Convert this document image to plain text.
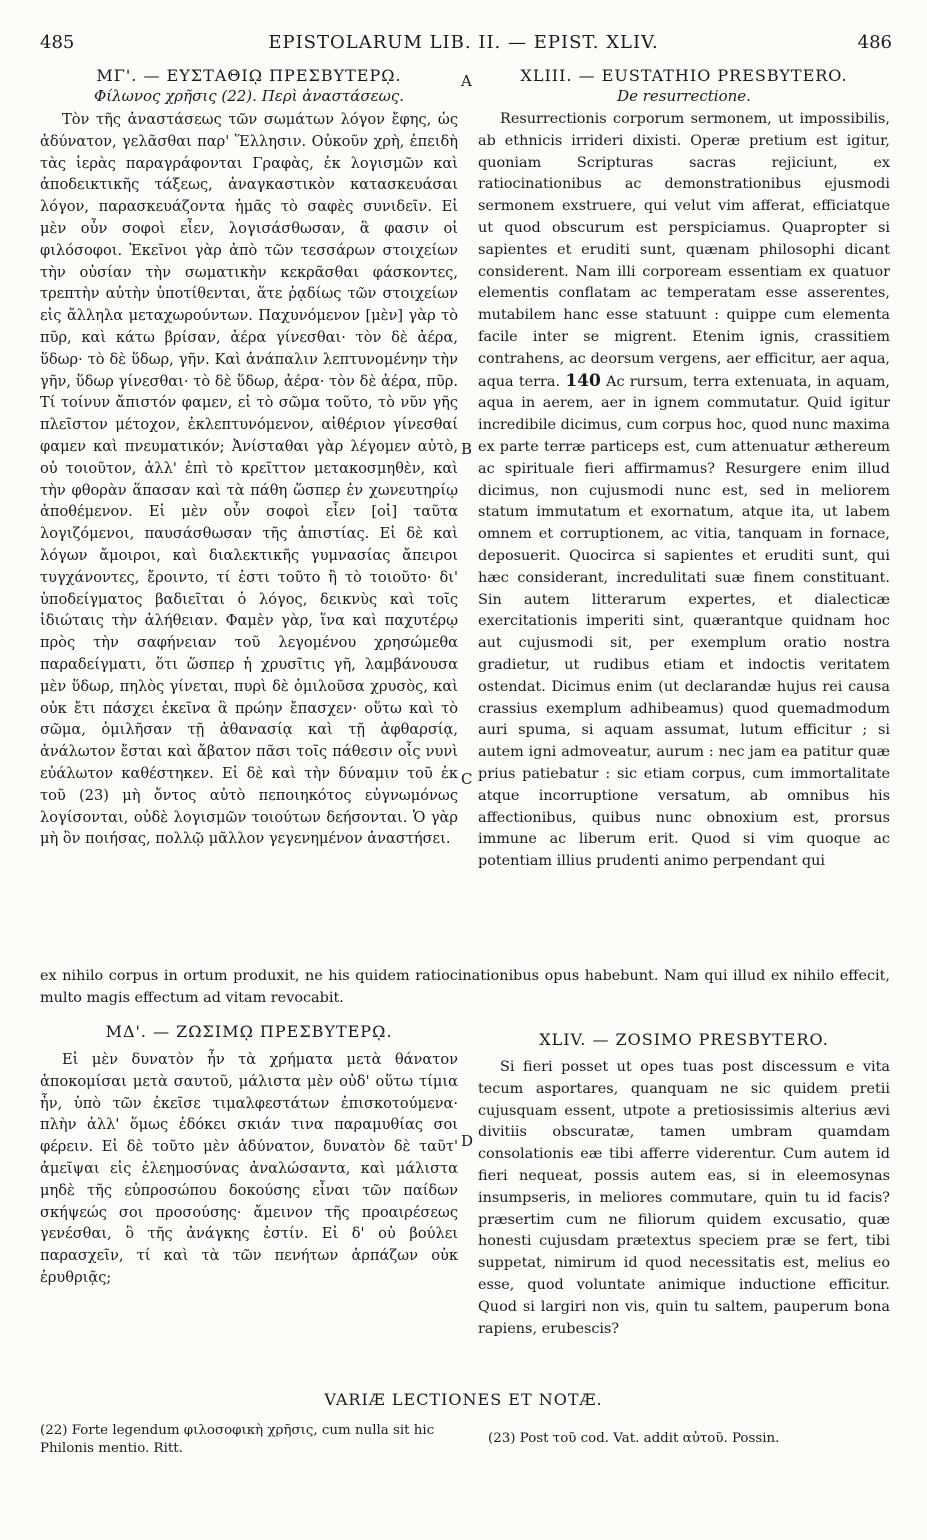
485	EPISTOLARUM LIB. II. — EPIST. XLIV.	486

ΜΓ'. — ΕΥΣΤΑΘΙῼ ΠΡΕΣΒΥΤΕΡῼ.

Φίλωνος χρῆσις (22). Περὶ ἀναστάσεως.

Τὸν τῆς ἀναστάσεως τῶν σωμάτων λόγον ἔφης, ὡς ἀδύνατον, γελᾶσθαι παρ' Ἕλλησιν. Οὐκοῦν χρὴ, ἐπειδὴ τὰς ἱερὰς παραγράφονται Γραφὰς, ἐκ λογισμῶν καὶ ἀποδεικτικῆς τάξεως, ἀναγκαστικὸν κατασκευάσαι λόγον, παρασκευάζοντα ἡμᾶς τὸ σαφὲς συνιδεῖν. Εἰ μὲν οὖν σοφοὶ εἶεν, λογισάσθωσαν, ἃ φασιν οἱ φιλόσοφοι. Ἐκεῖνοι γὰρ ἀπὸ τῶν τεσσάρων στοιχείων τὴν οὐσίαν τὴν σωματικὴν κεκρᾶσθαι φάσκοντες, τρεπτὴν αὐτὴν ὑποτίθενται, ἅτε ῥᾳδίως τῶν στοιχείων εἰς ἄλληλα μεταχωρούντων. Παχυνόμενον [μὲν] γὰρ τὸ πῦρ, καὶ κάτω βρίσαν, ἀέρα γίνεσθαι· τὸν δὲ ἀέρα, ὕδωρ· τὸ δὲ ὕδωρ, γῆν. Καὶ ἀνάπαλιν λεπτυνομένην τὴν γῆν, ὕδωρ γίνεσθαι· τὸ δὲ ὕδωρ, ἀέρα· τὸν δὲ ἀέρα, πῦρ. Τί τοίνυν ἄπιστόν φαμεν, εἰ τὸ σῶμα τοῦτο, τὸ νῦν γῆς πλεῖστον μέτοχον, ἐκλεπτυνόμενον, αἰθέριον γίνεσθαί φαμεν καὶ πνευματικόν; Ἀνίσταθαι γὰρ λέγομεν αὐτὸ, οὐ τοιοῦτον, ἀλλ' ἐπὶ τὸ κρεῖττον μετακοσμηθὲν, καὶ τὴν φθορὰν ἅπασαν καὶ τὰ πάθη ὥσπερ ἐν χωνευτηρίῳ ἀποθέμενον. Εἰ μὲν οὖν σοφοὶ εἶεν [οἱ] ταῦτα λογιζόμενοι, παυσάσθωσαν τῆς ἀπιστίας. Εἰ δὲ καὶ λόγων ἄμοιροι, καὶ διαλεκτικῆς γυμνασίας ἄπειροι τυγχάνοντες, ἔροιντο, τί ἐστι τοῦτο ἢ τὸ τοιοῦτο· δι' ὑποδείγματος βαδιεῖται ὁ λόγος, δεικνὺς καὶ τοῖς ἰδιώταις τὴν ἀλήθειαν. Φαμὲν γὰρ, ἵνα καὶ παχυτέρῳ πρὸς τὴν σαφήνειαν τοῦ λεγομένου χρησώμεθα παραδείγματι, ὅτι ὥσπερ ἡ χρυσῖτις γῆ, λαμβάνουσα μὲν ὕδωρ, πηλὸς γίνεται, πυρὶ δὲ ὁμιλοῦσα χρυσὸς, καὶ οὐκ ἔτι πάσχει ἐκεῖνα ἃ πρώην ἔπασχεν· οὕτω καὶ τὸ σῶμα, ὁμιλῆσαν τῇ ἀθανασίᾳ καὶ τῇ ἀφθαρσίᾳ, ἀνάλωτον ἔσται καὶ ἄβατον πᾶσι τοῖς πάθεσιν οἷς νυνὶ εὐάλωτον καθέστηκεν. Εἰ δὲ καὶ τὴν δύναμιν τοῦ ἐκ τοῦ (23) μὴ ὄντος αὐτὸ πεποιηκότος εὐγνωμόνως λογίσονται, οὐδὲ λογισμῶν τοιούτων δεήσονται. Ὁ γὰρ μὴ ὂν ποιήσας, πολλῷ μᾶλλον γεγενημένον ἀναστήσει.

XLIII. — EUSTATHIO PRESBYTERO.

De resurrectione.

Resurrectionis corporum sermonem, ut impossibilis, ab ethnicis irrideri dixisti. Operæ pretium est igitur, quoniam Scripturas sacras rejiciunt, ex ratiocinationibus ac demonstrationibus ejusmodi sermonem exstruere, qui velut vim afferat, efficiatque ut quod obscurum est perspiciamus. Quapropter si sapientes et eruditi sunt, quænam philosophi dicant considerent. Nam illi corpoream essentiam ex quatuor elementis conflatam ac temperatam esse asserentes, mutabilem hanc esse statuunt : quippe cum elementa facile inter se migrent. Etenim ignis, crassitiem contrahens, ac deorsum vergens, aer efficitur, aer aqua, aqua terra. 140 Ac rursum, terra extenuata, in aquam, aqua in aerem, aer in ignem commutatur. Quid igitur incredibile dicimus, cum corpus hoc, quod nunc maxima ex parte terræ particeps est, cum attenuatur æthereum ac spirituale fieri affirmamus? Resurgere enim illud dicimus, non cujusmodi nunc est, sed in meliorem statum immutatum et exornatum, atque ita, ut labem omnem et corruptionem, ac vitia, tanquam in fornace, deposuerit. Quocirca si sapientes et eruditi sunt, qui hæc considerant, incredulitati suæ finem constituant. Sin autem litterarum expertes, et dialecticæ exercitationis imperiti sint, quærantque quidnam hoc aut cujusmodi sit, per exemplum oratio nostra gradietur, ut rudibus etiam et indoctis veritatem ostendat. Dicimus enim (ut declarandæ hujus rei causa crassius exemplum adhibeamus) quod quemadmodum auri spuma, si aquam assumat, lutum efficitur ; si autem igni admoveatur, aurum : nec jam ea patitur quæ prius patiebatur : sic etiam corpus, cum immortalitate atque incorruptione versatum, ab omnibus his affectionibus, quibus nunc obnoxium est, prorsus immune ac liberum erit. Quod si vim quoque ac potentiam illius prudenti animo perpendant qui

A
B
C
D
ex nihilo corpus in ortum produxit, ne his quidem ratiocinationibus opus habebunt. Nam qui illud ex nihilo effecit, multo magis effectum ad vitam revocabit.

ΜΔ'. — ΖΩΣΙΜῼ ΠΡΕΣΒΥΤΕΡῼ.

Εἰ μὲν δυνατὸν ἦν τὰ χρήματα μετὰ θάνατον ἀποκομίσαι μετὰ σαυτοῦ, μάλιστα μὲν οὐδ' οὕτω τίμια ἦν, ὑπὸ τῶν ἐκεῖσε τιμαλφεστάτων ἐπισκοτούμενα· πλὴν ἀλλ' ὅμως ἐδόκει σκιάν τινα παραμυθίας σοι φέρειν. Εἰ δὲ τοῦτο μὲν ἀδύνατον, δυνατὸν δὲ ταῦτ' ἀμεῖψαι εἰς ἐλεημοσύνας ἀναλώσαντα, καὶ μάλιστα μηδὲ τῆς εὐπροσώπου δοκούσης εἶναι τῶν παίδων σκήψεώς σοι προσούσης· ἄμεινον τῆς προαιρέσεως γενέσθαι, ὃ τῆς ἀνάγκης ἐστίν. Εἰ δ' οὐ βούλει παρασχεῖν, τί καὶ τὰ τῶν πενήτων ἁρπάζων οὐκ ἐρυθριᾷς;

XLIV. — ZOSIMO PRESBYTERO.

Si fieri posset ut opes tuas post discessum e vita tecum asportares, quanquam ne sic quidem pretii cujusquam essent, utpote a pretiosissimis alterius ævi divitiis obscuratæ, tamen umbram quamdam consolationis eæ tibi afferre viderentur. Cum autem id fieri nequeat, possis autem eas, si in eleemosynas insumpseris, in meliores commutare, quin tu id facis? præsertim cum ne filiorum quidem excusatio, quæ honesti cujusdam prætextus speciem præ se fert, tibi suppetat, nimirum id quod necessitatis est, melius eo esse, quod voluntate animique inductione efficitur. Quod si largiri non vis, quin tu saltem, pauperum bona rapiens, erubescis?

VARIÆ LECTIONES ET NOTÆ.
(22) Forte legendum φιλοσοφικὴ χρῆσις, cum nulla sit hic Philonis mentio. Ritt.
(23) Post τοῦ cod. Vat. addit αὐτοῦ. Possin.
